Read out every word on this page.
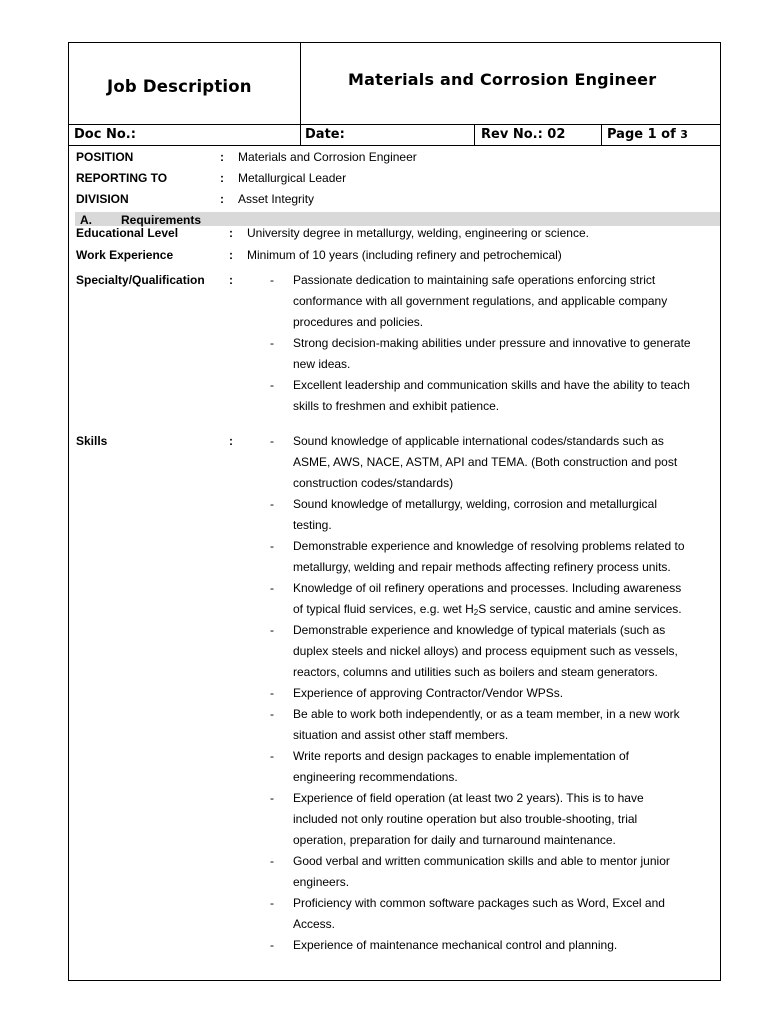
Job Description	Materials and Corrosion Engineer
Doc No.:	Date:	Rev No.: 02	Page 1 of 3
POSITION	: Materials and Corrosion Engineer
REPORTING TO	: Metallurgical Leader
DIVISION	: Asset Integrity
A. Requirements
Educational Level	: University degree in metallurgy, welding, engineering or science.
Work Experience	: Minimum of 10 years (including refinery and petrochemical)
Specialty/Qualification :	- Passionate dedication to maintaining safe operations enforcing strict
conformance with all government regulations, and applicable company
procedures and policies.
- Strong decision-making abilities under pressure and innovative to generate
new ideas.
- Excellent leadership and communication skills and have the ability to teach
skills to freshmen and exhibit patience.
Skills	:	- Sound knowledge of applicable international codes/standards such as
ASME, AWS, NACE, ASTM, API and TEMA. (Both construction and post
construction codes/standards)
- Sound knowledge of metallurgy, welding, corrosion and metallurgical
testing.
- Demonstrable experience and knowledge of resolving problems related to
metallurgy, welding and repair methods affecting refinery process units.
- Knowledge of oil refinery operations and processes. Including awareness
of typical fluid services, e.g. wet $H_2S$ service, caustic and amine services.
- Demonstrable experience and knowledge of typical materials (such as
duplex steels and nickel alloys) and process equipment such as vessels,
reactors, columns and utilities such as boilers and steam generators.
- Experience of approving Contractor/Vendor WPSs.
- Be able to work both independently, or as a team member, in a new work
situation and assist other staff members.
- Write reports and design packages to enable implementation of
engineering recommendations.
- Experience of field operation (at least two 2 years). This is to have
included not only routine operation but also trouble-shooting, trial
operation, preparation for daily and turnaround maintenance.
- Good verbal and written communication skills and able to mentor junior
engineers.
- Proficiency with common software packages such as Word, Excel and
Access.
- Experience of maintenance mechanical control and planning.
